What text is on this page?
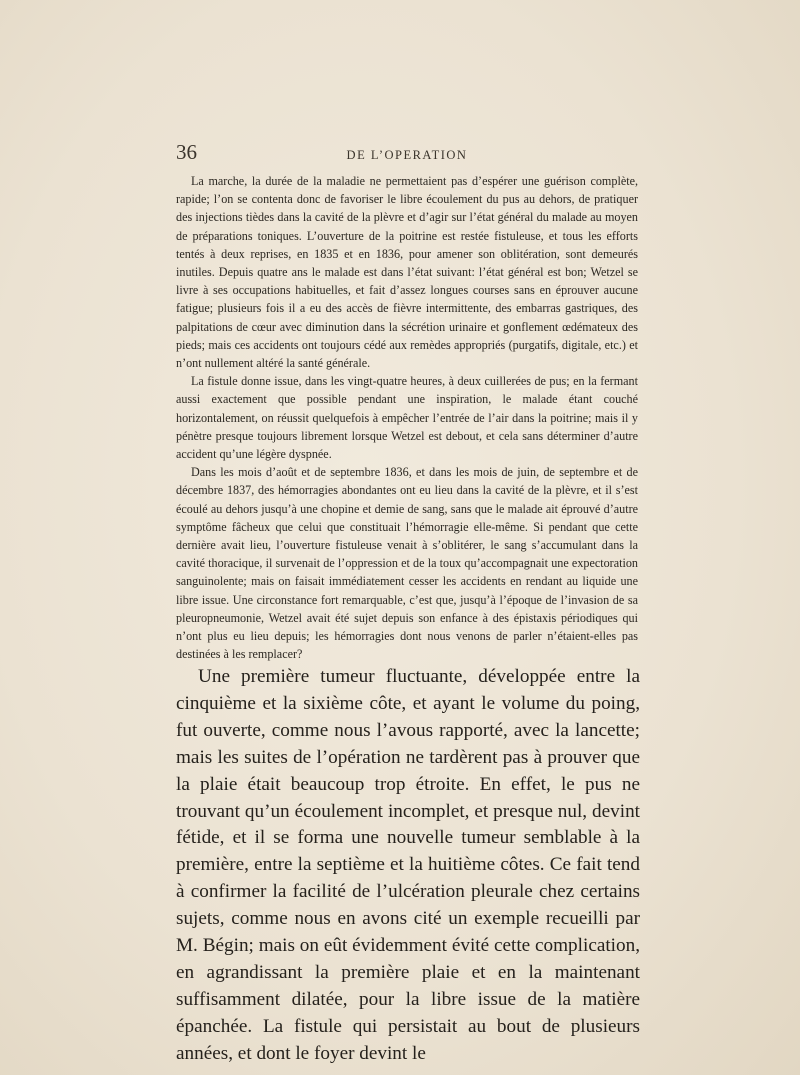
36	DE L’OPERATION

La marche, la durée de la maladie ne permettaient pas d’espérer une guérison complète, rapide; l’on se contenta donc de favoriser le libre écoulement du pus au dehors, de pratiquer des injections tièdes dans la cavité de la plèvre et d’agir sur l’état général du malade au moyen de préparations toniques. L’ouverture de la poitrine est restée fistuleuse, et tous les efforts tentés à deux reprises, en 1835 et en 1836, pour amener son oblitération, sont demeurés inutiles. Depuis quatre ans le malade est dans l’état suivant: l’état général est bon; Wetzel se livre à ses occupations habituelles, et fait d’assez longues courses sans en éprouver aucune fatigue; plusieurs fois il a eu des accès de fièvre intermittente, des embarras gastriques, des palpitations de cœur avec diminution dans la sécrétion urinaire et gonflement œdémateux des pieds; mais ces accidents ont toujours cédé aux remèdes appropriés (purgatifs, digitale, etc.) et n’ont nullement altéré la santé générale.

La fistule donne issue, dans les vingt-quatre heures, à deux cuillerées de pus; en la fermant aussi exactement que possible pendant une inspiration, le malade étant couché horizontalement, on réussit quelquefois à empêcher l’entrée de l’air dans la poitrine; mais il y pénètre presque toujours librement lorsque Wetzel est debout, et cela sans déterminer d’autre accident qu’une légère dyspnée.

Dans les mois d’août et de septembre 1836, et dans les mois de juin, de septembre et de décembre 1837, des hémorragies abondantes ont eu lieu dans la cavité de la plèvre, et il s’est écoulé au dehors jusqu’à une chopine et demie de sang, sans que le malade ait éprouvé d’autre symptôme fâcheux que celui que constituait l’hémorragie elle-même. Si pendant que cette dernière avait lieu, l’ouverture fistuleuse venait à s’oblitérer, le sang s’accumulant dans la cavité thoracique, il survenait de l’oppression et de la toux qu’accompagnait une expectoration sanguinolente; mais on faisait immédiatement cesser les accidents en rendant au liquide une libre issue. Une circonstance fort remarquable, c’est que, jusqu’à l’époque de l’invasion de sa pleuropneumonie, Wetzel avait été sujet depuis son enfance à des épistaxis périodiques qui n’ont plus eu lieu depuis; les hémorragies dont nous venons de parler n’étaient-elles pas destinées à les remplacer?

Une première tumeur fluctuante, développée entre la cinquième et la sixième côte, et ayant le volume du poing, fut ouverte, comme nous l’avous rapporté, avec la lancette; mais les suites de l’opération ne tardèrent pas à prouver que la plaie était beaucoup trop étroite. En effet, le pus ne trouvant qu’un écoulement incomplet, et presque nul, devint fétide, et il se forma une nouvelle tumeur semblable à la première, entre la septième et la huitième côtes. Ce fait tend à confirmer la facilité de l’ulcération pleurale chez certains sujets, comme nous en avons cité un exemple recueilli par M. Bégin; mais on eût évidemment évité cette complication, en agrandissant la première plaie et en la maintenant suffisamment dilatée, pour la libre issue de la matière épanchée. La fistule qui persistait au bout de plusieurs années, et dont le foyer devint le
